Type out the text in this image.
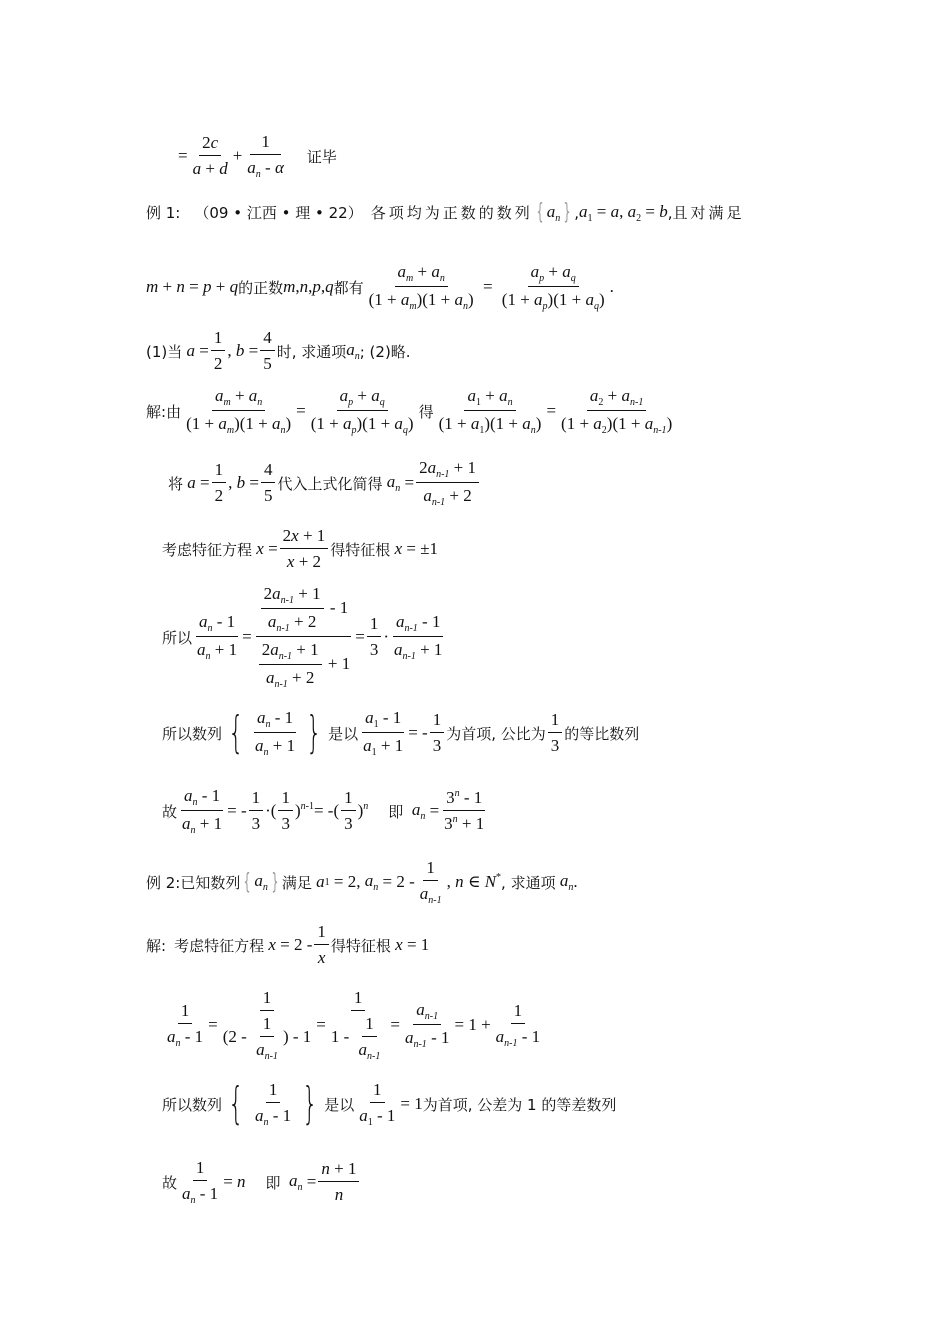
= $\frac{2c}{a + d} + \frac{1}{a_n - \alpha}$ 证毕
例 1: （09 • 江西 • 理 • 22） 各项均为正数的数列 { $a_n$ } , $a_1 = a$, $a_2 = b$ , 且对满足
m + n = p + q 的正数 m , n , p , q 都有 $\frac{a_m + a_n}{(1 + a_m)(1 + a_n)} = \frac{a_p + a_q}{(1 + a_p)(1 + a_q)}$ .
(1)当 $a = \frac{1}{2}$ , $b = \frac{4}{5}$ 时, 求通项 $a_n$ ; (2)略.
解: 由 $\frac{a_m + a_n}{(1 + a_m)(1 + a_n)} = \frac{a_p + a_q}{(1 + a_p)(1 + a_q)}$ 得 $\frac{a_1 + a_n}{(1 + a_1)(1 + a_n)} = \frac{a_2 + a_{n-1}}{(1 + a_2)(1 + a_{n-1})}$
将 $a = \frac{1}{2}$ , $b = \frac{4}{5}$ 代入上式化简得 $a_n = \frac{2a_{n-1} + 1}{a_{n-1} + 2}$
考虑特征方程 $x = \frac{2x + 1}{x + 2}$ 得特征根 x = ±1
所以 $\frac{a_n - 1}{a_n + 1} = \frac{\frac{2a_{n-1} + 1}{a_{n-1} + 2} - 1}{\frac{2a_{n-1} + 1}{a_{n-1} + 2} + 1} = \frac{1}{3} \cdot \frac{a_{n-1} - 1}{a_{n-1} + 1}$
所以数列 { $\frac{a_n - 1}{a_n + 1}$ } 是以 $\frac{a_1 - 1}{a_1 + 1}$ = - $\frac{1}{3}$ 为首项, 公比为 $\frac{1}{3}$ 的等比数列
故 $\frac{a_n - 1}{a_n + 1}$ = - $\frac{1}{3}$ ·( $\frac{1}{3} )^{n-1}$ = -( $\frac{1}{3} )^n$ 即 $a_n = \frac{3^n - 1}{3^n + 1}$
例 2: 已知数列 { $a_n$ } 满足 a 1 = 2, $a_n = 2 - \frac{1}{a_{n-1}}$ , n ∈ N* , 求通项 $a_n$ .
解: 考虑特征方程 $x = 2 - \frac{1}{x}$ 得特征根 x = 1
$\frac{1}{a_n - 1} = \frac{1}{(2 - \frac{1}{a_{n-1}} ) - 1} = \frac{1}{1 - \frac{1}{a_{n-1}}} = \frac{a_{n-1}}{a_{n-1} - 1} = 1 + \frac{1}{a_{n-1} - 1}$
所以数列 { $\frac{1}{a_n - 1}$ } 是以 $\frac{1}{a_1 - 1} = 1$ 为首项, 公差为 1 的等差数列
故 $\frac{1}{a_n - 1} = n$ 即 $a_n = \frac{n + 1}{n}$
